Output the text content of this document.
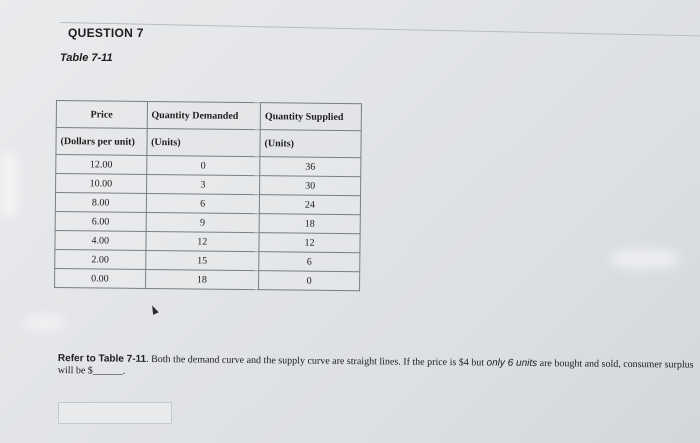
QUESTION 7
Table 7-11
Price	Quantity Demanded	Quantity Supplied
(Dollars per unit)	(Units)	(Units)
12.00	0	36
10.00	3	30
8.00	6	24
6.00	9	18
4.00	12	12
2.00	15	6
0.00	18	0
Refer to Table 7-11. Both the demand curve and the supply curve are straight lines. If the price is $4 but only 6 units are bought and sold, consumer surplus will be $______.
